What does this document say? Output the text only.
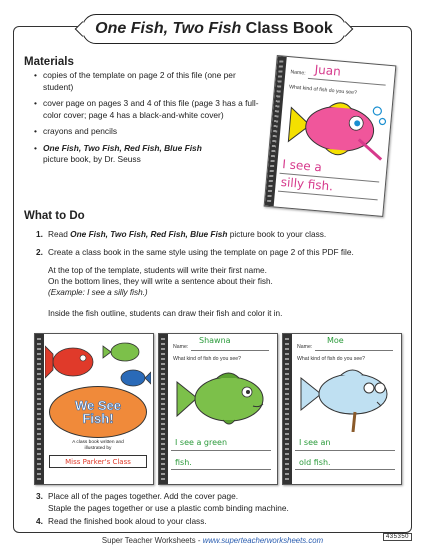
One Fish, Two Fish Class Book
Materials
• copies of the template on page 2 of this file (one per student)
• cover page on pages 3 and 4 of this file (page 3 has a full-color cover; page 4 has a black-and-white cover)
• crayons and pencils
• One Fish, Two Fish, Red Fish, Blue Fish
picture book, by Dr. Seuss
Name: Juan
What kind of fish do you see?
I see a
silly fish.
What to Do
1. Read One Fish, Two Fish, Red Fish, Blue Fish picture book to your class.
2. Create a class book in the same style using the template on page 2 of this PDF file.
At the top of the template, students will write their first name.
On the bottom lines, they will write a sentence about their fish.
(Example: I see a silly fish.)
Inside the fish outline, students can draw their fish and color it in.
We See
Fish!
A class book written and illustrated by
Miss Parker's Class
Name:
Shawna
What kind of fish do you see?
I see a green
fish.
Name:
Moe
What kind of fish do you see?
I see an
old fish.
3. Place all of the pages together. Add the cover page.
Staple the pages together or use a plastic comb binding machine.
4. Read the finished book aloud to your class.
Super Teacher Worksheets - www.superteacherworksheets.com	435350
